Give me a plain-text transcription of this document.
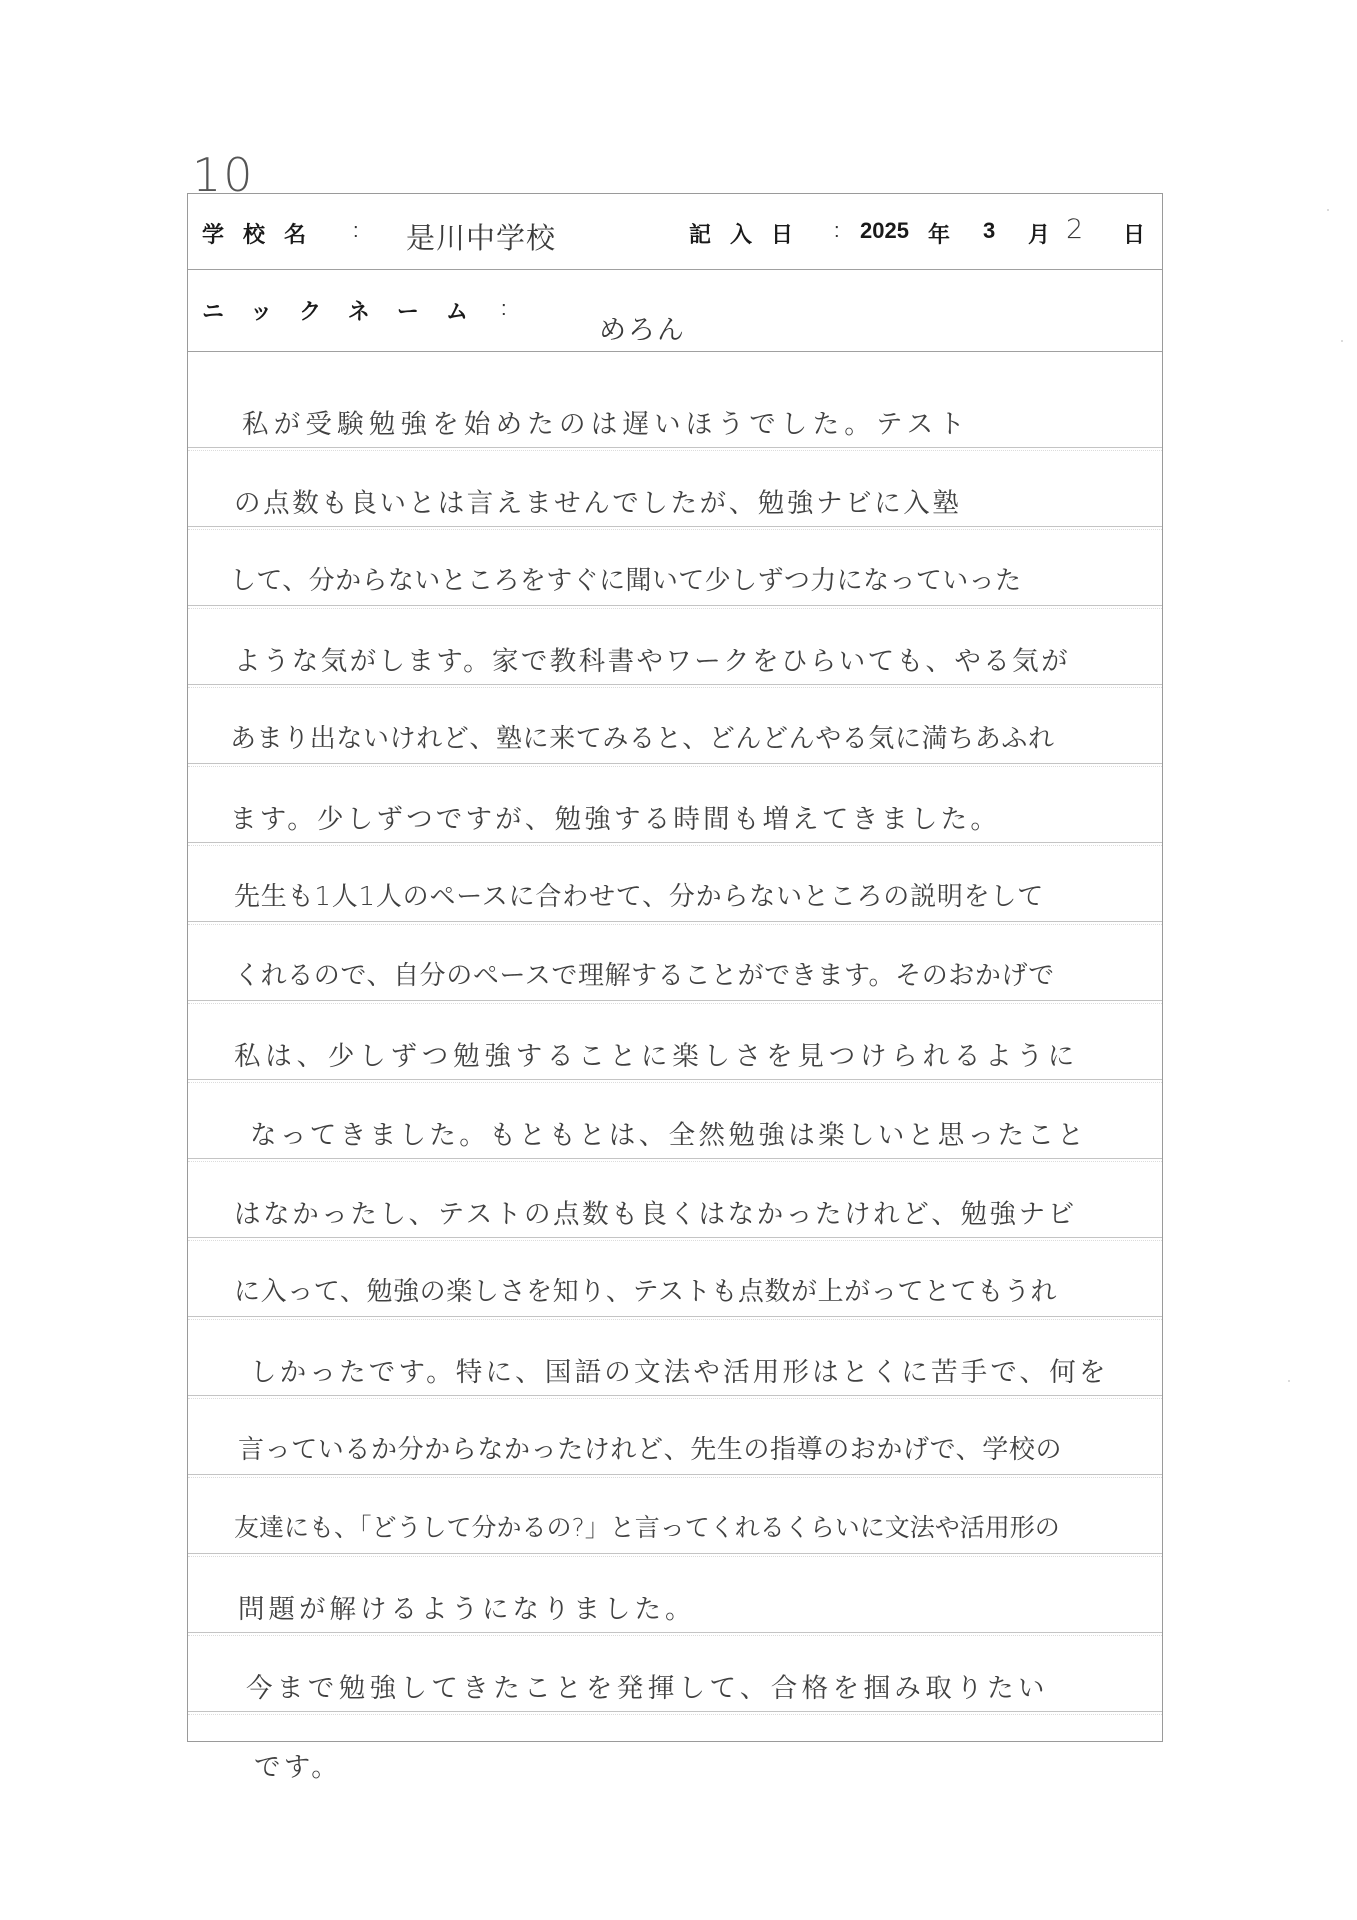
10
学校名 : 是川中学校	記入日 : 2025 年 3 月 2 日
ニックネーム :
めろん
私が受験勉強を始めたのは遅いほうでした。テスト
の点数も良いとは言えませんでしたが、勉強ナビに入塾
して、分からないところをすぐに聞いて少しずつ力になっていった
ような気がします。家で教科書やワークをひらいても、やる気が
あまり出ないけれど、塾に来てみると、どんどんやる気に満ちあふれ
ます。少しずつですが、勉強する時間も増えてきました。
先生も1人1人のペースに合わせて、分からないところの説明をして
くれるので、自分のペースで理解することができます。そのおかげで
私は、少しずつ勉強することに楽しさを見つけられるように
なってきました。もともとは、全然勉強は楽しいと思ったこと
はなかったし、テストの点数も良くはなかったけれど、勉強ナビ
に入って、勉強の楽しさを知り、テストも点数が上がってとてもうれ
しかったです。特に、国語の文法や活用形はとくに苦手で、何を
言っているか分からなかったけれど、先生の指導のおかげで、学校の
友達にも、「どうして分かるの?」と言ってくれるくらいに文法や活用形の
問題が解けるようになりました。
今まで勉強してきたことを発揮して、合格を掴み取りたい
です。
